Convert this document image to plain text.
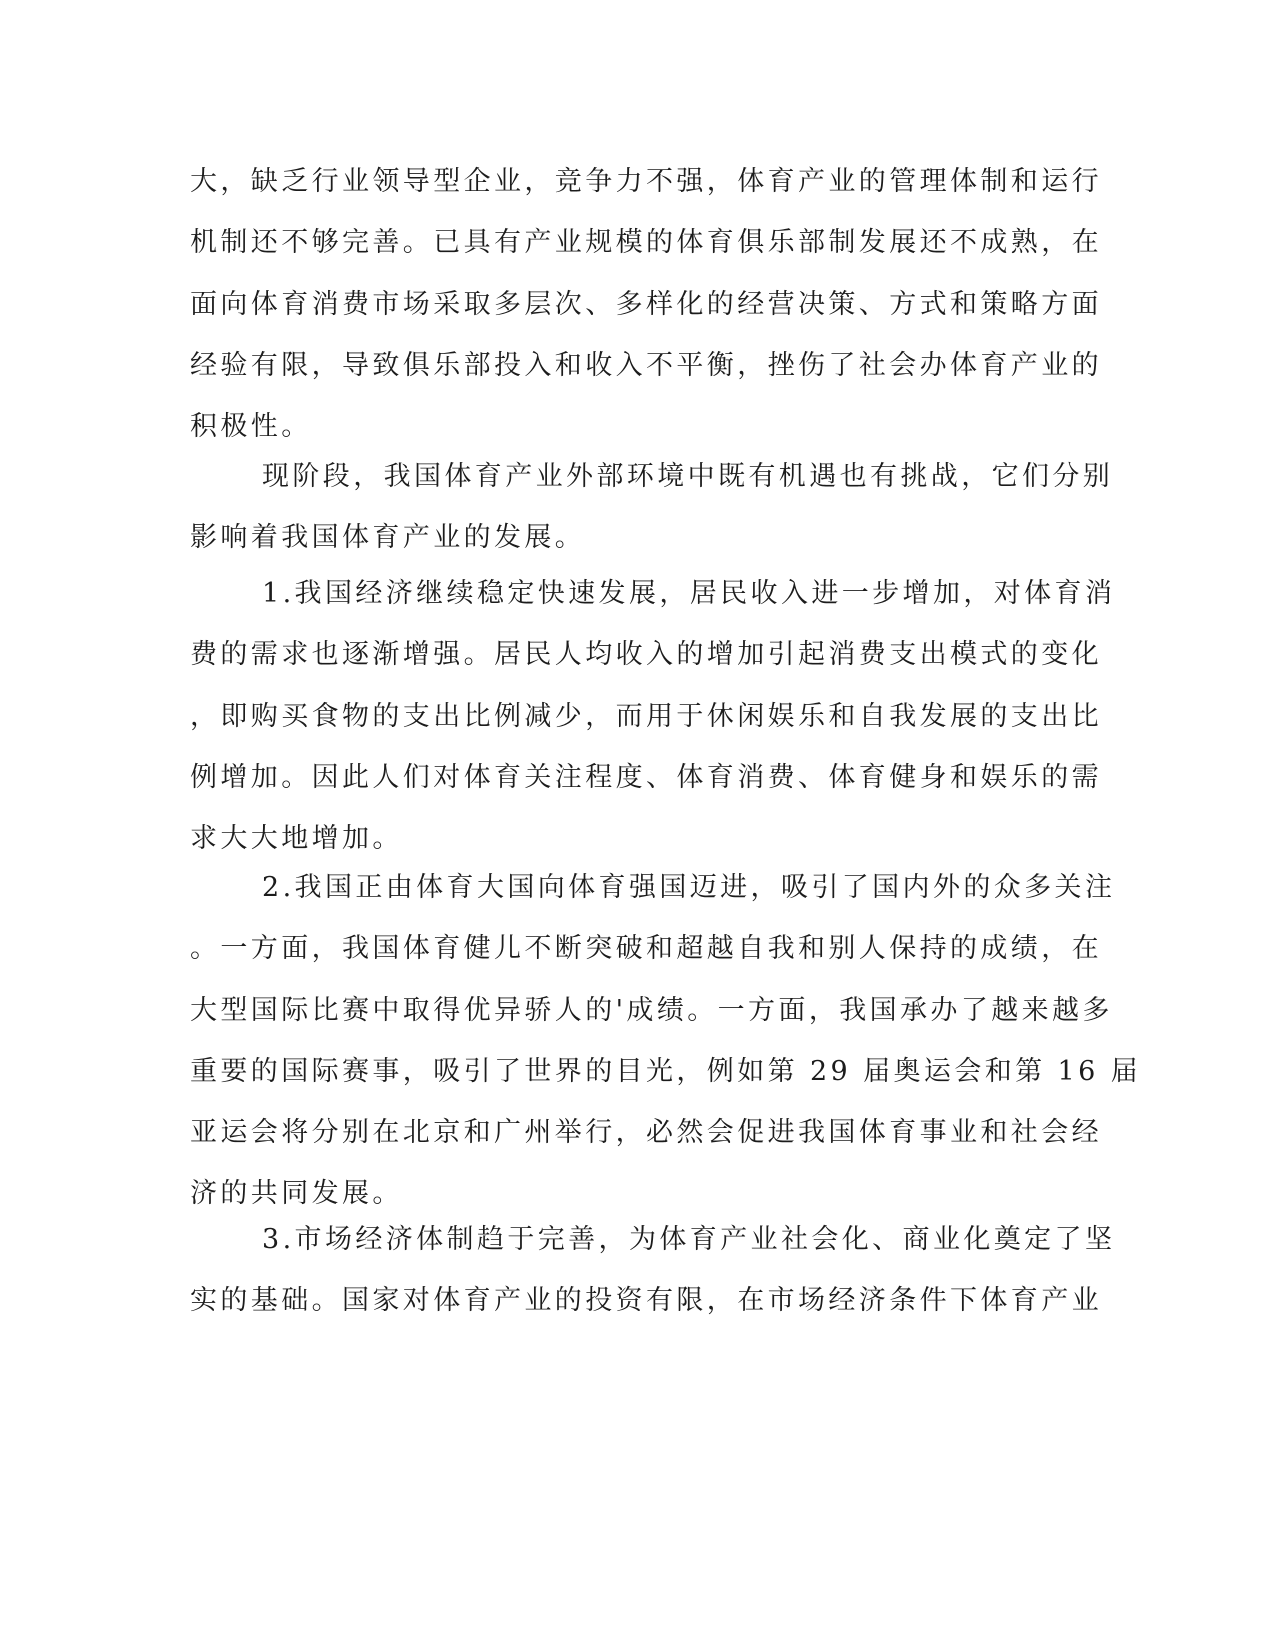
大，缺乏行业领导型企业，竞争力不强，体育产业的管理体制和运行
机制还不够完善。已具有产业规模的体育俱乐部制发展还不成熟，在
面向体育消费市场采取多层次、多样化的经营决策、方式和策略方面
经验有限，导致俱乐部投入和收入不平衡，挫伤了社会办体育产业的
积极性。
现阶段，我国体育产业外部环境中既有机遇也有挑战，它们分别
影响着我国体育产业的发展。
1.我国经济继续稳定快速发展，居民收入进一步增加，对体育消
费的需求也逐渐增强。居民人均收入的增加引起消费支出模式的变化
，即购买食物的支出比例减少，而用于休闲娱乐和自我发展的支出比
例增加。因此人们对体育关注程度、体育消费、体育健身和娱乐的需
求大大地增加。
2.我国正由体育大国向体育强国迈进，吸引了国内外的众多关注
。一方面，我国体育健儿不断突破和超越自我和别人保持的成绩，在
大型国际比赛中取得优异骄人的'成绩。一方面，我国承办了越来越多
重要的国际赛事，吸引了世界的目光，例如第 29 届奥运会和第 16 届
亚运会将分别在北京和广州举行，必然会促进我国体育事业和社会经
济的共同发展。
3.市场经济体制趋于完善，为体育产业社会化、商业化奠定了坚
实的基础。国家对体育产业的投资有限，在市场经济条件下体育产业
